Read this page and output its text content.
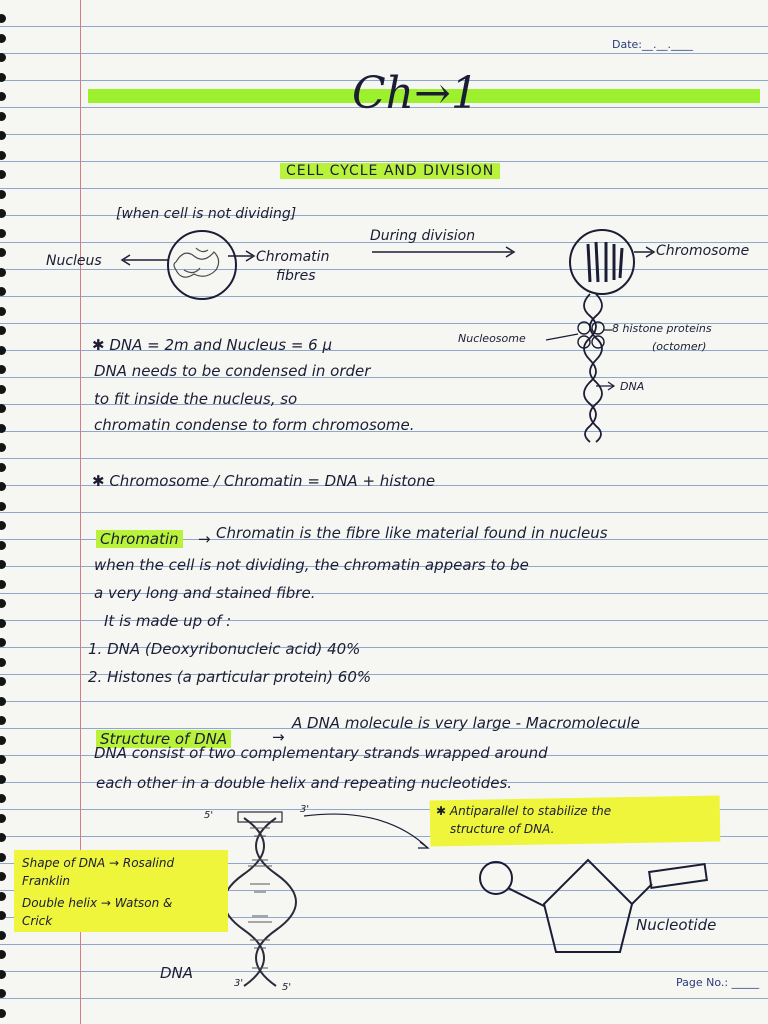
Date:__.__.____
Ch→1
CELL CYCLE AND DIVISION
[when cell is not dividing]
Nucleus	Chromatin
fibres
During division
Chromosome
Nucleosome
8 histone proteins
(octomer)
DNA
✱ DNA = 2m and Nucleus = 6 μ
DNA needs to be condensed in order
to fit inside the nucleus, so
chromatin condense to form chromosome.
✱ Chromosome / Chromatin = DNA + histone
Chromatin → Chromatin is the fibre like material found in nucleus
when the cell is not dividing, the chromatin appears to be
a very long and stained fibre.
It is made up of :
1. DNA (Deoxyribonucleic acid) 40%
2. Histones (a particular protein) 60%
Structure of DNA	→
A DNA molecule is very large - Macromolecule
DNA consist of two complementary strands wrapped around
each other in a double helix and repeating nucleotides.
✱ Antiparallel to stabilize the
structure of DNA.
Shape of DNA → Rosalind
Franklin
Double helix → Watson &
Crick
5'
3'
3'	5'
DNA
Nucleotide
Page No.: _____
